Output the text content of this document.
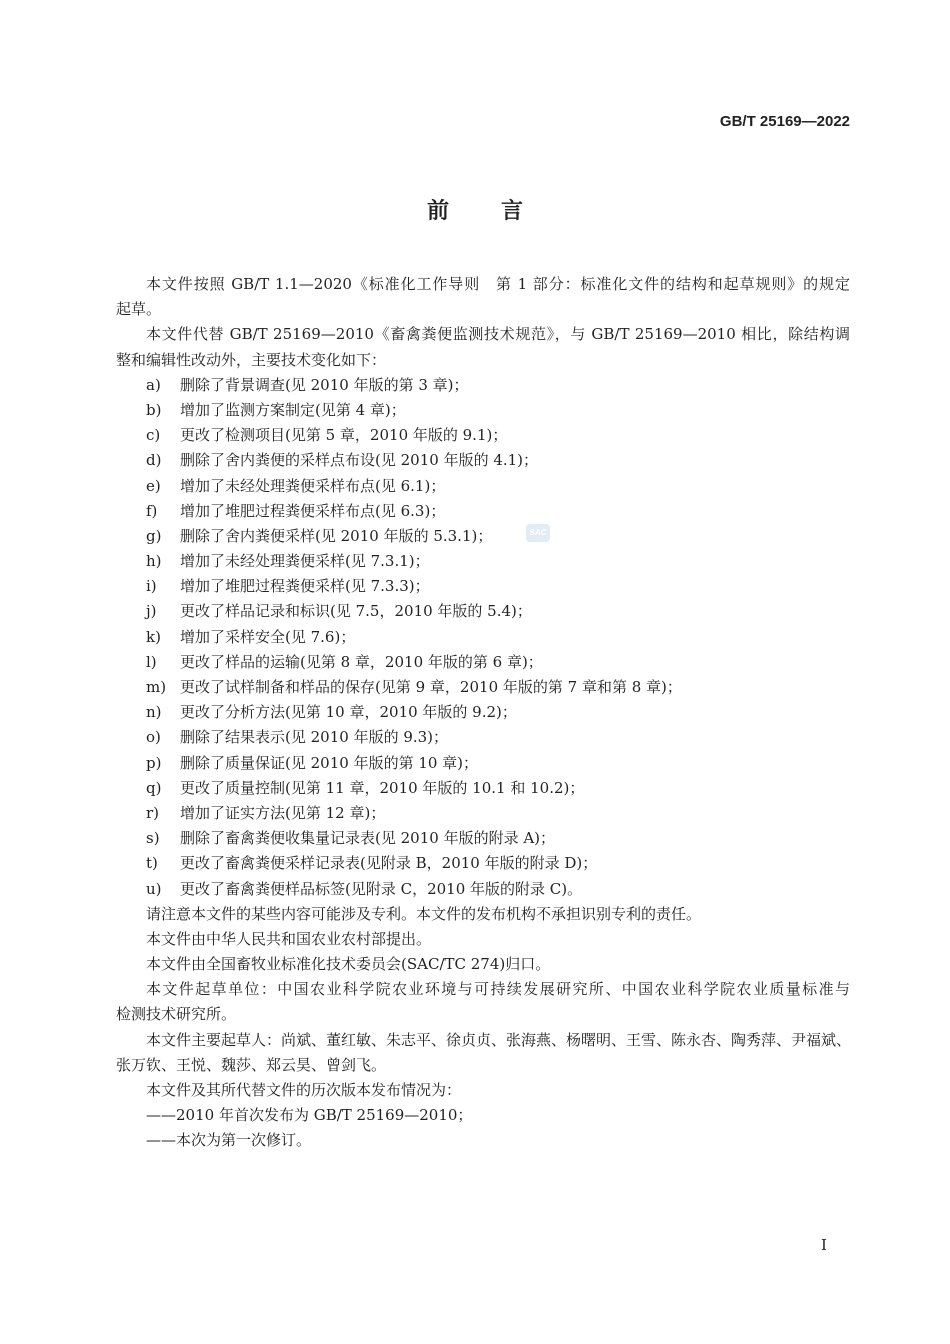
GB/T 25169—2022
前言
SAC
本文件按照 GB/T 1.1—2020《标准化工作导则　第 1 部分：标准化文件的结构和起草规则》的规定
起草。
本文件代替 GB/T 25169—2010《畜禽粪便监测技术规范》，与 GB/T 25169—2010 相比，除结构调
整和编辑性改动外，主要技术变化如下：
a)	删除了背景调查(见 2010 年版的第 3 章)；
b)	增加了监测方案制定(见第 4 章)；
c)	更改了检测项目(见第 5 章，2010 年版的 9.1)；
d)	删除了舍内粪便的采样点布设(见 2010 年版的 4.1)；
e)	增加了未经处理粪便采样布点(见 6.1)；
f)	增加了堆肥过程粪便采样布点(见 6.3)；
g)	删除了舍内粪便采样(见 2010 年版的 5.3.1)；
h)	增加了未经处理粪便采样(见 7.3.1)；
i)	增加了堆肥过程粪便采样(见 7.3.3)；
j)	更改了样品记录和标识(见 7.5，2010 年版的 5.4)；
k)	增加了采样安全(见 7.6)；
l)	更改了样品的运输(见第 8 章，2010 年版的第 6 章)；
m) 更改了试样制备和样品的保存(见第 9 章，2010 年版的第 7 章和第 8 章)；
n)	更改了分析方法(见第 10 章，2010 年版的 9.2)；
o)	删除了结果表示(见 2010 年版的 9.3)；
p)	删除了质量保证(见 2010 年版的第 10 章)；
q)	更改了质量控制(见第 11 章，2010 年版的 10.1 和 10.2)；
r)	增加了证实方法(见第 12 章)；
s)	删除了畜禽粪便收集量记录表(见 2010 年版的附录 A)；
t)	更改了畜禽粪便采样记录表(见附录 B，2010 年版的附录 D)；
u)	更改了畜禽粪便样品标签(见附录 C，2010 年版的附录 C)。
请注意本文件的某些内容可能涉及专利。本文件的发布机构不承担识别专利的责任。
本文件由中华人民共和国农业农村部提出。
本文件由全国畜牧业标准化技术委员会(SAC/TC 274)归口。
本文件起草单位：中国农业科学院农业环境与可持续发展研究所、中国农业科学院农业质量标准与
检测技术研究所。
本文件主要起草人：尚斌、董红敏、朱志平、徐贞贞、张海燕、杨曙明、王雪、陈永杏、陶秀萍、尹福斌、
张万钦、王悦、魏莎、郑云昊、曾剑飞。
本文件及其所代替文件的历次版本发布情况为：
——2010 年首次发布为 GB/T 25169—2010；
——本次为第一次修订。
I
